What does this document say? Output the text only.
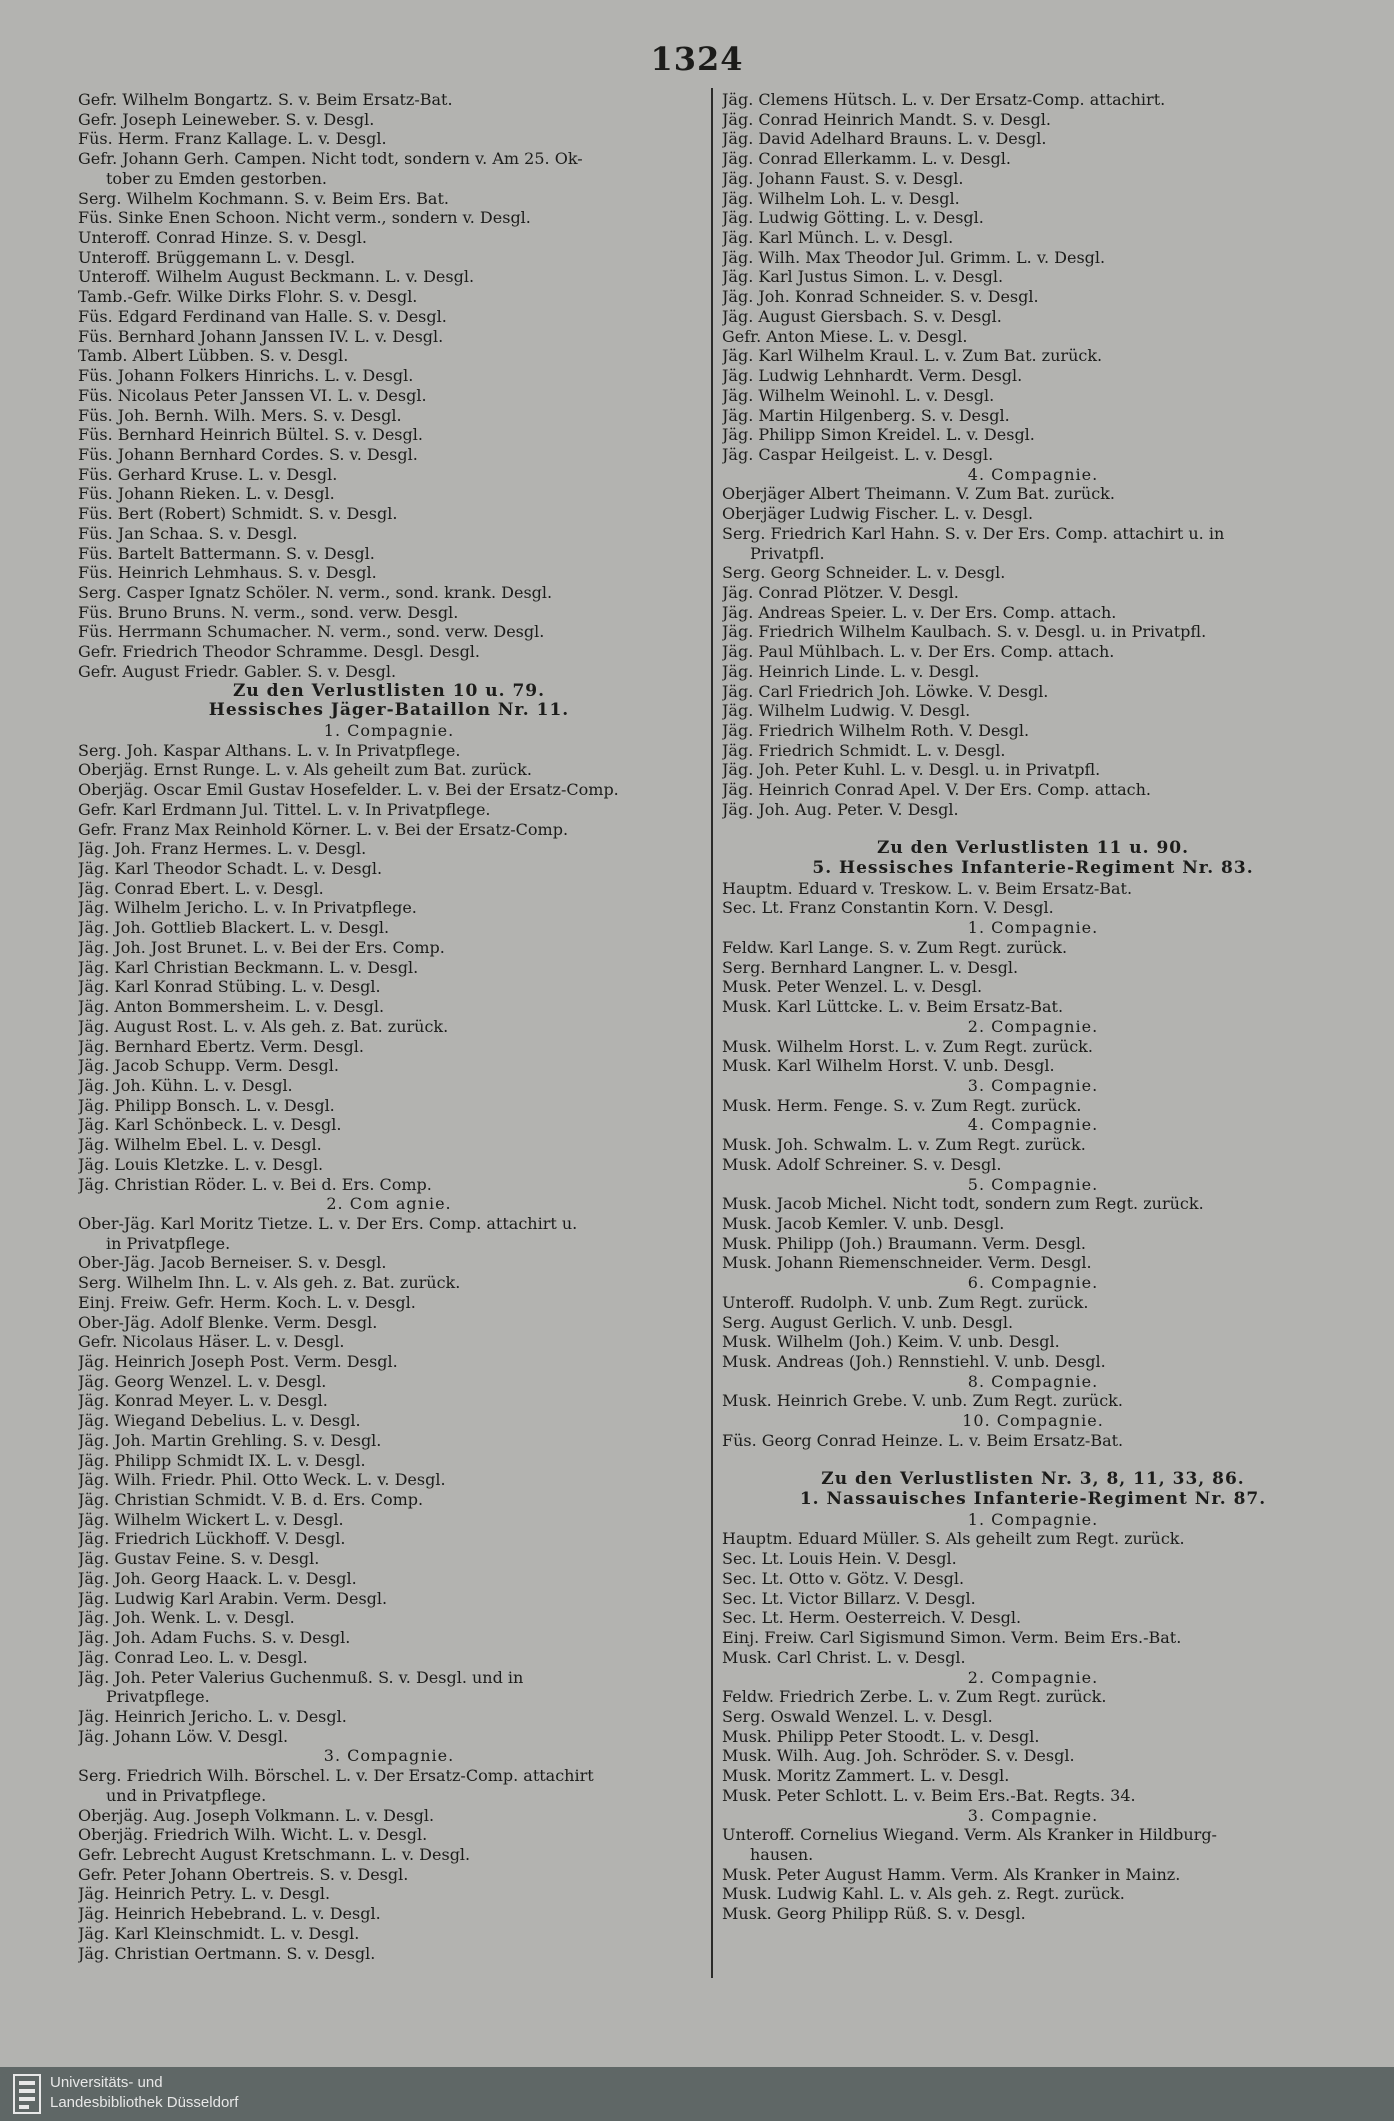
1324
Gefr. Wilhelm Bongartz. S. v. Beim Ersatz-Bat.
Gefr. Joseph Leineweber. S. v. Desgl.
Füs. Herm. Franz Kallage. L. v. Desgl.
Gefr. Johann Gerh. Campen. Nicht todt, sondern v. Am 25. Ok-
tober zu Emden gestorben.
Serg. Wilhelm Kochmann. S. v. Beim Ers. Bat.
Füs. Sinke Enen Schoon. Nicht verm., sondern v. Desgl.
Unteroff. Conrad Hinze. S. v. Desgl.
Unteroff. Brüggemann L. v. Desgl.
Unteroff. Wilhelm August Beckmann. L. v. Desgl.
Tamb.-Gefr. Wilke Dirks Flohr. S. v. Desgl.
Füs. Edgard Ferdinand van Halle. S. v. Desgl.
Füs. Bernhard Johann Janssen IV. L. v. Desgl.
Tamb. Albert Lübben. S. v. Desgl.
Füs. Johann Folkers Hinrichs. L. v. Desgl.
Füs. Nicolaus Peter Janssen VI. L. v. Desgl.
Füs. Joh. Bernh. Wilh. Mers. S. v. Desgl.
Füs. Bernhard Heinrich Bültel. S. v. Desgl.
Füs. Johann Bernhard Cordes. S. v. Desgl.
Füs. Gerhard Kruse. L. v. Desgl.
Füs. Johann Rieken. L. v. Desgl.
Füs. Bert (Robert) Schmidt. S. v. Desgl.
Füs. Jan Schaa. S. v. Desgl.
Füs. Bartelt Battermann. S. v. Desgl.
Füs. Heinrich Lehmhaus. S. v. Desgl.
Serg. Casper Ignatz Schöler. N. verm., sond. krank. Desgl.
Füs. Bruno Bruns. N. verm., sond. verw. Desgl.
Füs. Herrmann Schumacher. N. verm., sond. verw. Desgl.
Gefr. Friedrich Theodor Schramme. Desgl. Desgl.
Gefr. August Friedr. Gabler. S. v. Desgl.
Zu den Verlustlisten 10 u. 79.
Hessisches Jäger-Bataillon Nr. 11.
1. Compagnie.
Serg. Joh. Kaspar Althans. L. v. In Privatpflege.
Oberjäg. Ernst Runge. L. v. Als geheilt zum Bat. zurück.
Oberjäg. Oscar Emil Gustav Hosefelder. L. v. Bei der Ersatz-Comp.
Gefr. Karl Erdmann Jul. Tittel. L. v. In Privatpflege.
Gefr. Franz Max Reinhold Körner. L. v. Bei der Ersatz-Comp.
Jäg. Joh. Franz Hermes. L. v. Desgl.
Jäg. Karl Theodor Schadt. L. v. Desgl.
Jäg. Conrad Ebert. L. v. Desgl.
Jäg. Wilhelm Jericho. L. v. In Privatpflege.
Jäg. Joh. Gottlieb Blackert. L. v. Desgl.
Jäg. Joh. Jost Brunet. L. v. Bei der Ers. Comp.
Jäg. Karl Christian Beckmann. L. v. Desgl.
Jäg. Karl Konrad Stübing. L. v. Desgl.
Jäg. Anton Bommersheim. L. v. Desgl.
Jäg. August Rost. L. v. Als geh. z. Bat. zurück.
Jäg. Bernhard Ebertz. Verm. Desgl.
Jäg. Jacob Schupp. Verm. Desgl.
Jäg. Joh. Kühn. L. v. Desgl.
Jäg. Philipp Bonsch. L. v. Desgl.
Jäg. Karl Schönbeck. L. v. Desgl.
Jäg. Wilhelm Ebel. L. v. Desgl.
Jäg. Louis Kletzke. L. v. Desgl.
Jäg. Christian Röder. L. v. Bei d. Ers. Comp.
2. Com agnie.
Ober-Jäg. Karl Moritz Tietze. L. v. Der Ers. Comp. attachirt u.
in Privatpflege.
Ober-Jäg. Jacob Berneiser. S. v. Desgl.
Serg. Wilhelm Ihn. L. v. Als geh. z. Bat. zurück.
Einj. Freiw. Gefr. Herm. Koch. L. v. Desgl.
Ober-Jäg. Adolf Blenke. Verm. Desgl.
Gefr. Nicolaus Häser. L. v. Desgl.
Jäg. Heinrich Joseph Post. Verm. Desgl.
Jäg. Georg Wenzel. L. v. Desgl.
Jäg. Konrad Meyer. L. v. Desgl.
Jäg. Wiegand Debelius. L. v. Desgl.
Jäg. Joh. Martin Grehling. S. v. Desgl.
Jäg. Philipp Schmidt IX. L. v. Desgl.
Jäg. Wilh. Friedr. Phil. Otto Weck. L. v. Desgl.
Jäg. Christian Schmidt. V. B. d. Ers. Comp.
Jäg. Wilhelm Wickert L. v. Desgl.
Jäg. Friedrich Lückhoff. V. Desgl.
Jäg. Gustav Feine. S. v. Desgl.
Jäg. Joh. Georg Haack. L. v. Desgl.
Jäg. Ludwig Karl Arabin. Verm. Desgl.
Jäg. Joh. Wenk. L. v. Desgl.
Jäg. Joh. Adam Fuchs. S. v. Desgl.
Jäg. Conrad Leo. L. v. Desgl.
Jäg. Joh. Peter Valerius Guchenmuß. S. v. Desgl. und in
Privatpflege.
Jäg. Heinrich Jericho. L. v. Desgl.
Jäg. Johann Löw. V. Desgl.
3. Compagnie.
Serg. Friedrich Wilh. Börschel. L. v. Der Ersatz-Comp. attachirt
und in Privatpflege.
Oberjäg. Aug. Joseph Volkmann. L. v. Desgl.
Oberjäg. Friedrich Wilh. Wicht. L. v. Desgl.
Gefr. Lebrecht August Kretschmann. L. v. Desgl.
Gefr. Peter Johann Obertreis. S. v. Desgl.
Jäg. Heinrich Petry. L. v. Desgl.
Jäg. Heinrich Hebebrand. L. v. Desgl.
Jäg. Karl Kleinschmidt. L. v. Desgl.
Jäg. Christian Oertmann. S. v. Desgl.
Jäg. Clemens Hütsch. L. v. Der Ersatz-Comp. attachirt.
Jäg. Conrad Heinrich Mandt. S. v. Desgl.
Jäg. David Adelhard Brauns. L. v. Desgl.
Jäg. Conrad Ellerkamm. L. v. Desgl.
Jäg. Johann Faust. S. v. Desgl.
Jäg. Wilhelm Loh. L. v. Desgl.
Jäg. Ludwig Götting. L. v. Desgl.
Jäg. Karl Münch. L. v. Desgl.
Jäg. Wilh. Max Theodor Jul. Grimm. L. v. Desgl.
Jäg. Karl Justus Simon. L. v. Desgl.
Jäg. Joh. Konrad Schneider. S. v. Desgl.
Jäg. August Giersbach. S. v. Desgl.
Gefr. Anton Miese. L. v. Desgl.
Jäg. Karl Wilhelm Kraul. L. v. Zum Bat. zurück.
Jäg. Ludwig Lehnhardt. Verm. Desgl.
Jäg. Wilhelm Weinohl. L. v. Desgl.
Jäg. Martin Hilgenberg. S. v. Desgl.
Jäg. Philipp Simon Kreidel. L. v. Desgl.
Jäg. Caspar Heilgeist. L. v. Desgl.
4. Compagnie.
Oberjäger Albert Theimann. V. Zum Bat. zurück.
Oberjäger Ludwig Fischer. L. v. Desgl.
Serg. Friedrich Karl Hahn. S. v. Der Ers. Comp. attachirt u. in
Privatpfl.
Serg. Georg Schneider. L. v. Desgl.
Jäg. Conrad Plötzer. V. Desgl.
Jäg. Andreas Speier. L. v. Der Ers. Comp. attach.
Jäg. Friedrich Wilhelm Kaulbach. S. v. Desgl. u. in Privatpfl.
Jäg. Paul Mühlbach. L. v. Der Ers. Comp. attach.
Jäg. Heinrich Linde. L. v. Desgl.
Jäg. Carl Friedrich Joh. Löwke. V. Desgl.
Jäg. Wilhelm Ludwig. V. Desgl.
Jäg. Friedrich Wilhelm Roth. V. Desgl.
Jäg. Friedrich Schmidt. L. v. Desgl.
Jäg. Joh. Peter Kuhl. L. v. Desgl. u. in Privatpfl.
Jäg. Heinrich Conrad Apel. V. Der Ers. Comp. attach.
Jäg. Joh. Aug. Peter. V. Desgl.
Zu den Verlustlisten 11 u. 90.
5. Hessisches Infanterie-Regiment Nr. 83.
Hauptm. Eduard v. Treskow. L. v. Beim Ersatz-Bat.
Sec. Lt. Franz Constantin Korn. V. Desgl.
1. Compagnie.
Feldw. Karl Lange. S. v. Zum Regt. zurück.
Serg. Bernhard Langner. L. v. Desgl.
Musk. Peter Wenzel. L. v. Desgl.
Musk. Karl Lüttcke. L. v. Beim Ersatz-Bat.
2. Compagnie.
Musk. Wilhelm Horst. L. v. Zum Regt. zurück.
Musk. Karl Wilhelm Horst. V. unb. Desgl.
3. Compagnie.
Musk. Herm. Fenge. S. v. Zum Regt. zurück.
4. Compagnie.
Musk. Joh. Schwalm. L. v. Zum Regt. zurück.
Musk. Adolf Schreiner. S. v. Desgl.
5. Compagnie.
Musk. Jacob Michel. Nicht todt, sondern zum Regt. zurück.
Musk. Jacob Kemler. V. unb. Desgl.
Musk. Philipp (Joh.) Braumann. Verm. Desgl.
Musk. Johann Riemenschneider. Verm. Desgl.
6. Compagnie.
Unteroff. Rudolph. V. unb. Zum Regt. zurück.
Serg. August Gerlich. V. unb. Desgl.
Musk. Wilhelm (Joh.) Keim. V. unb. Desgl.
Musk. Andreas (Joh.) Rennstiehl. V. unb. Desgl.
8. Compagnie.
Musk. Heinrich Grebe. V. unb. Zum Regt. zurück.
10. Compagnie.
Füs. Georg Conrad Heinze. L. v. Beim Ersatz-Bat.
Zu den Verlustlisten Nr. 3, 8, 11, 33, 86.
1. Nassauisches Infanterie-Regiment Nr. 87.
1. Compagnie.
Hauptm. Eduard Müller. S. Als geheilt zum Regt. zurück.
Sec. Lt. Louis Hein. V. Desgl.
Sec. Lt. Otto v. Götz. V. Desgl.
Sec. Lt. Victor Billarz. V. Desgl.
Sec. Lt. Herm. Oesterreich. V. Desgl.
Einj. Freiw. Carl Sigismund Simon. Verm. Beim Ers.-Bat.
Musk. Carl Christ. L. v. Desgl.
2. Compagnie.
Feldw. Friedrich Zerbe. L. v. Zum Regt. zurück.
Serg. Oswald Wenzel. L. v. Desgl.
Musk. Philipp Peter Stoodt. L. v. Desgl.
Musk. Wilh. Aug. Joh. Schröder. S. v. Desgl.
Musk. Moritz Zammert. L. v. Desgl.
Musk. Peter Schlott. L. v. Beim Ers.-Bat. Regts. 34.
3. Compagnie.
Unteroff. Cornelius Wiegand. Verm. Als Kranker in Hildburg-
hausen.
Musk. Peter August Hamm. Verm. Als Kranker in Mainz.
Musk. Ludwig Kahl. L. v. Als geh. z. Regt. zurück.
Musk. Georg Philipp Rüß. S. v. Desgl.
Universitäts- und
Landesbibliothek Düsseldorf
